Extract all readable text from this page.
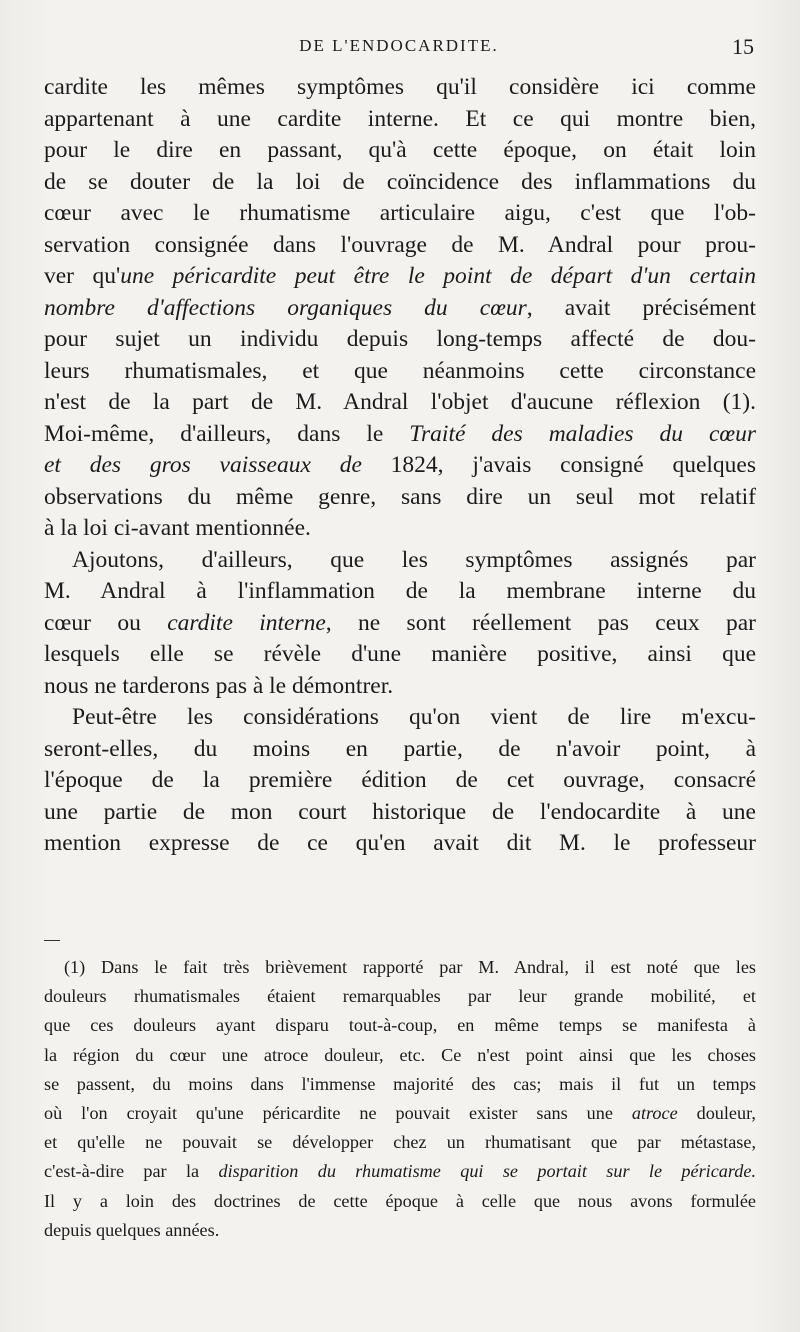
DE L'ENDOCARDITE.	15
cardite les mêmes symptômes qu'il considère ici comme
appartenant à une cardite interne. Et ce qui montre bien,
pour le dire en passant, qu'à cette époque, on était loin
de se douter de la loi de coïncidence des inflammations du
cœur avec le rhumatisme articulaire aigu, c'est que l'ob-
servation consignée dans l'ouvrage de M. Andral pour prou-
ver qu'une péricardite peut être le point de départ d'un certain
nombre d'affections organiques du cœur, avait précisément
pour sujet un individu depuis long-temps affecté de dou-
leurs rhumatismales, et que néanmoins cette circonstance
n'est de la part de M. Andral l'objet d'aucune réflexion (1).
Moi-même, d'ailleurs, dans le Traité des maladies du cœur
et des gros vaisseaux de 1824, j'avais consigné quelques
observations du même genre, sans dire un seul mot relatif
à la loi ci-avant mentionnée.
Ajoutons, d'ailleurs, que les symptômes assignés par
M. Andral à l'inflammation de la membrane interne du
cœur ou cardite interne, ne sont réellement pas ceux par
lesquels elle se révèle d'une manière positive, ainsi que
nous ne tarderons pas à le démontrer.
Peut-être les considérations qu'on vient de lire m'excu-
seront-elles, du moins en partie, de n'avoir point, à
l'époque de la première édition de cet ouvrage, consacré
une partie de mon court historique de l'endocardite à une
mention expresse de ce qu'en avait dit M. le professeur
(1) Dans le fait très brièvement rapporté par M. Andral, il est noté que les
douleurs rhumatismales étaient remarquables par leur grande mobilité, et
que ces douleurs ayant disparu tout-à-coup, en même temps se manifesta à
la région du cœur une atroce douleur, etc. Ce n'est point ainsi que les choses
se passent, du moins dans l'immense majorité des cas; mais il fut un temps
où l'on croyait qu'une péricardite ne pouvait exister sans une atroce douleur,
et qu'elle ne pouvait se développer chez un rhumatisant que par métastase,
c'est-à-dire par la disparition du rhumatisme qui se portait sur le péricarde.
Il y a loin des doctrines de cette époque à celle que nous avons formulée
depuis quelques années.
